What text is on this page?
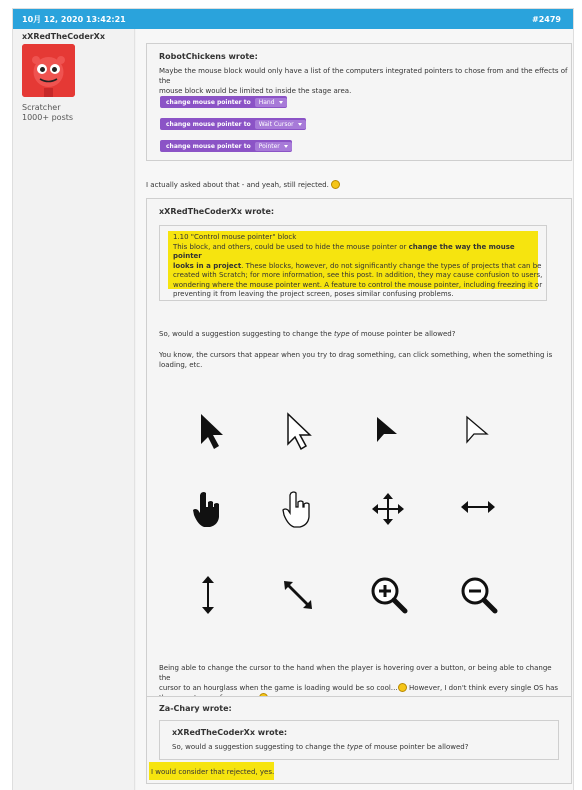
10月 12, 2020 13:42:21	#2479
xXRedTheCoderXx
Scratcher
1000+ posts
RobotChickens wrote:
Maybe the mouse block would only have a list of the computers integrated pointers to chose from and the effects of the
mouse block would be limited to inside the stage area.
change mouse pointer to Hand
change mouse pointer to Wait Cursor
change mouse pointer to Pointer
I actually asked about that - and yeah, still rejected.
xXRedTheCoderXx wrote:
1.10 "Control mouse pointer" block
This block, and others, could be used to hide the mouse pointer or change the way the mouse pointer
looks in a project. These blocks, however, do not significantly change the types of projects that can be
created with Scratch; for more information, see this post. In addition, they may cause confusion to users,
wondering where the mouse pointer went. A feature to control the mouse pointer, including freezing it or
preventing it from leaving the project screen, poses similar confusing problems.
So, would a suggestion suggesting to change the type of mouse pointer be allowed?
You know, the cursors that appear when you try to drag something, can click something, when the something is
loading, etc.
Being able to change the cursor to the hand when the player is hovering over a button, or being able to change the
cursor to an hourglass when the game is loading would be so cool… However, I don't think every single OS has
Za-Chary wrote:
xXRedTheCoderXx wrote:
So, would a suggestion suggesting to change the type of mouse pointer be allowed?
I would consider that rejected, yes.
